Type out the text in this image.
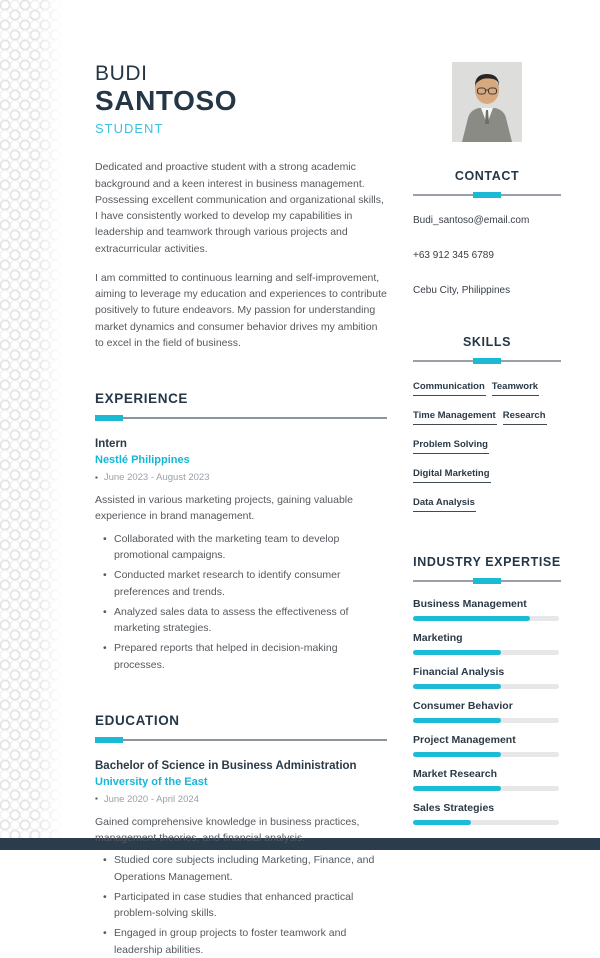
BUDI
SANTOSO
STUDENT

Dedicated and proactive student with a strong academic background and a keen interest in business management. Possessing excellent communication and organizational skills, I have consistently worked to develop my capabilities in leadership and teamwork through various projects and extracurricular activities.

I am committed to continuous learning and self-improvement, aiming to leverage my education and experiences to contribute positively to future endeavors. My passion for understanding market dynamics and consumer behavior drives my ambition to excel in the field of business.

EXPERIENCE
Intern
Nestlé Philippines
▪ June 2023 - August 2023

Assisted in various marketing projects, gaining valuable experience in brand management.

• Collaborated with the marketing team to develop promotional campaigns.
• Conducted market research to identify consumer preferences and trends.
• Analyzed sales data to assess the effectiveness of marketing strategies.
• Prepared reports that helped in decision-making processes.
EDUCATION
Bachelor of Science in Business Administration
University of the East
▪ June 2020 - April 2024

Gained comprehensive knowledge in business practices, management theories, and financial analysis.

• Studied core subjects including Marketing, Finance, and Operations Management.
• Participated in case studies that enhanced practical problem-solving skills.
• Engaged in group projects to foster teamwork and leadership abilities.
CONTACT
Budi_santoso@email.com
+63 912 345 6789
Cebu City, Philippines
SKILLS
Communication TeamworkTime Management ResearchProblem SolvingDigital MarketingData Analysis
INDUSTRY EXPERTISE
Business Management
Marketing
Financial Analysis
Consumer Behavior
Project Management
Market Research
Sales Strategies
